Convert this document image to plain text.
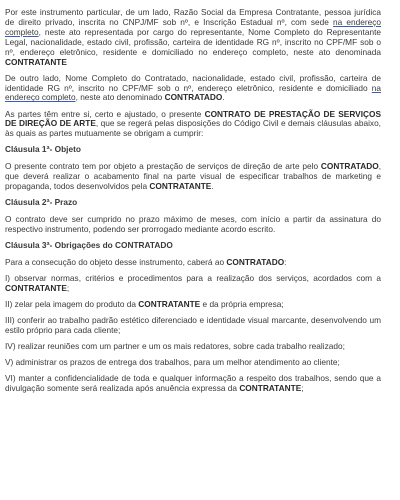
Por este instrumento particular, de um lado, Razão Social da Empresa Contratante, pessoa jurídica de direito privado, inscrita no CNPJ/MF sob nº, e Inscrição Estadual nº, com sede na endereço completo, neste ato representada por cargo do representante, Nome Completo do Representante Legal, nacionalidade, estado civil, profissão, carteira de identidade RG nº, inscrito no CPF/MF sob o nº, endereço eletrônico, residente e domiciliado no endereço completo, neste ato denominada CONTRATANTE

De outro lado, Nome Completo do Contratado, nacionalidade, estado civil, profissão, carteira de identidade RG nº, inscrito no CPF/MF sob o nº, endereço eletrônico, residente e domiciliado na endereço completo, neste ato denominado CONTRATADO.

As partes têm entre si, certo e ajustado, o presente CONTRATO DE PRESTAÇÃO DE SERVIÇOS DE DIREÇÃO DE ARTE, que se regerá pelas disposições do Código Civil e demais cláusulas abaixo, às quais as partes mutuamente se obrigam a cumprir:

Cláusula 1ª- Objeto

O presente contrato tem por objeto a prestação de serviços de direção de arte pelo CONTRATADO, que deverá realizar o acabamento final na parte visual de especificar trabalhos de marketing e propaganda, todos desenvolvidos pela CONTRATANTE.

Cláusula 2ª- Prazo

O contrato deve ser cumprido no prazo máximo de meses, com início a partir da assinatura do respectivo instrumento, podendo ser prorrogado mediante acordo escrito.

Cláusula 3ª- Obrigações do CONTRATADO

Para a consecução do objeto desse instrumento, caberá ao CONTRATADO:

I) observar normas, critérios e procedimentos para a realização dos serviços, acordados com a CONTRATANTE;

II) zelar pela imagem do produto da CONTRATANTE e da própria empresa;

III) conferir ao trabalho padrão estético diferenciado e identidade visual marcante, desenvolvendo um estilo próprio para cada cliente;

IV) realizar reuniões com um partner e um os mais redatores, sobre cada trabalho realizado;

V) administrar os prazos de entrega dos trabalhos, para um melhor atendimento ao cliente;

VI) manter a confidencialidade de toda e qualquer informação a respeito dos trabalhos, sendo que a divulgação somente será realizada após anuência expressa da CONTRATANTE;
